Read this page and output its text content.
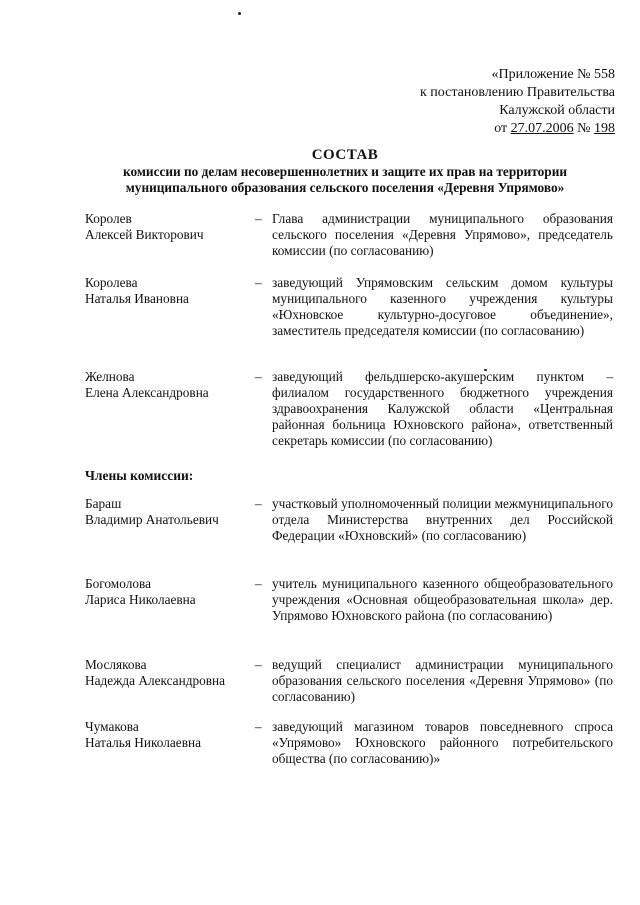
«Приложение № 558
к постановлению Правительства
Калужской области
от 27.07.2006 № 198
СОСТАВ
комиссии по делам несовершеннолетних и защите их прав на территории
муниципального образования сельского поселения «Деревня Упрямово»
Королев
Алексей Викторович
– Глава администрации муниципального образования сельского поселения «Деревня Упрямово», председатель комиссии (по согласованию)
Королева
Наталья Ивановна
– заведующий Упрямовским сельским домом культуры муниципального казенного учреждения культуры «Юхновское культурно-досуговое объединение», заместитель председателя комиссии (по согласованию)
Желнова
Елена Александровна
– заведующий фельдшерско-акушерским пунктом – филиалом государственного бюджетного учреждения здравоохранения Калужской области «Центральная районная больница Юхновского района», ответственный секретарь комиссии (по согласованию)
Члены комиссии:
Бараш
Владимир Анатольевич
– участковый уполномоченный полиции межмуниципального отдела Министерства внутренних дел Российской Федерации «Юхновский» (по согласованию)
Богомолова
Лариса Николаевна
– учитель муниципального казенного общеобразовательного учреждения «Основная общеобразовательная школа» дер. Упрямово Юхновского района (по согласованию)
Мослякова
Надежда Александровна
– ведущий специалист администрации муниципального образования сельского поселения «Деревня Упрямово» (по согласованию)
Чумакова
Наталья Николаевна
– заведующий магазином товаров повседневного спроса «Упрямово» Юхновского районного потребительского общества (по согласованию)»
